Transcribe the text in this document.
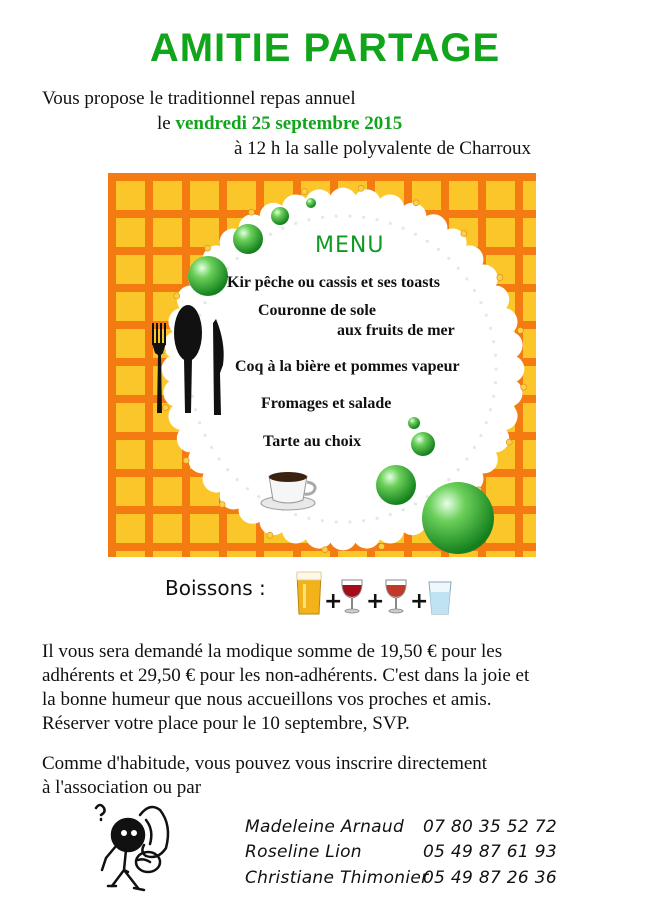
AMITIE PARTAGE
Vous propose le traditionnel repas annuel
le vendredi 25 septembre 2015
à 12 h la salle polyvalente de Charroux
MENU
Kir pêche ou cassis et ses toasts
Couronne de sole
aux fruits de mer
Coq à la bière et pommes vapeur
Fromages et salade
Tarte au choix
Boissons :
+ + +
Il vous sera demandé la modique somme de 19,50 € pour les
adhérents et 29,50 € pour les non-adhérents. C'est dans la joie et
la bonne humeur que nous accueillons vos proches et amis.
Réserver votre place pour le 10 septembre, SVP.
Comme d'habitude, vous pouvez vous inscrire directement
à l'association ou par
Madeleine Arnaud 07 80 35 52 72
Roseline Lion	05 49 87 61 93
Christiane Thimonier
05 49 87 26 36
